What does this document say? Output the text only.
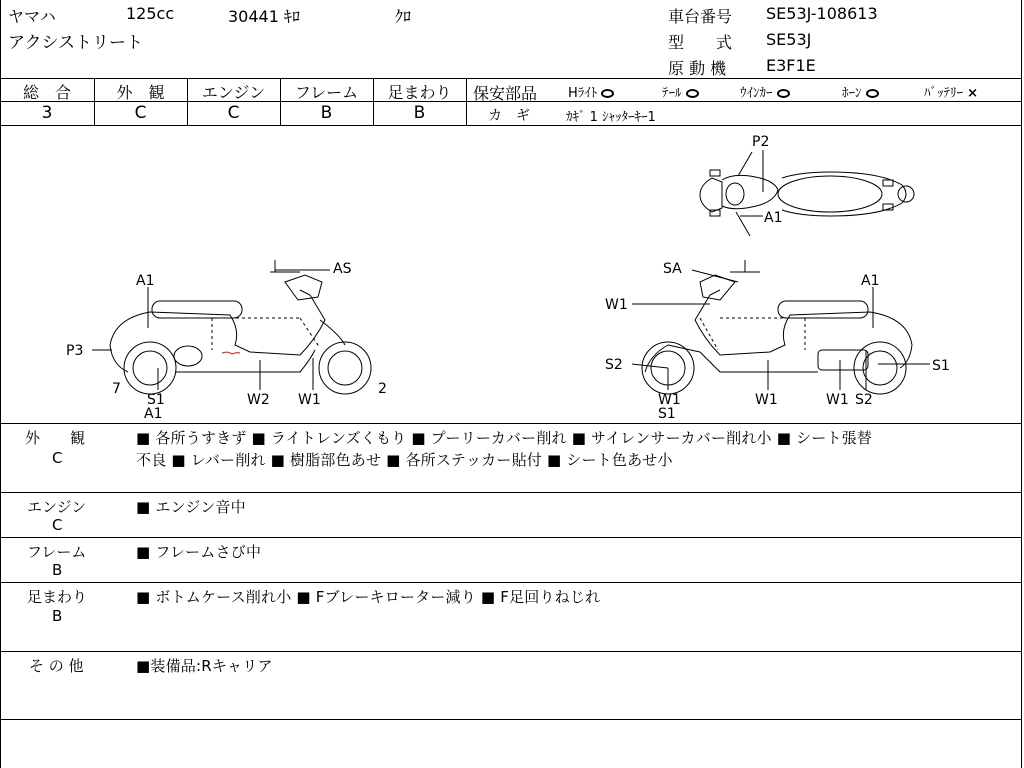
ヤマハ	125cc	30441 ｷﾛ	ｸﾛ
アクシストリート
車台番号 SE53J-108613
型　　式 SE53J
原 動 機 E3F1E
総　合	外　観	エンジン	フレーム	足まわり
3	C	C	B	B
保安部品 Hﾗｲﾄ	ﾃｰﾙ	ｳｲﾝｶｰ	ﾎｰﾝ	ﾊﾞｯﾃﾘｰ ×
カ　ギ	ｶｷﾞ 1 ｼｬｯﾀｰｷｰ1
P2
A1
AS
A1
P3
7
S1
A1
W2 W1
2
SA
A1
W1
S2	S1
W1
S1
W1	W1 S2
外　　観
C
■ 各所うすきず ■ ライトレンズくもり ■ プーリーカバー削れ ■ サイレンサーカバー削れ小 ■ シート張替
不良 ■ レバー削れ ■ 樹脂部色あせ ■ 各所ステッカー貼付 ■ シート色あせ小
エンジン
C
■ エンジン音中
フレーム
B
■ フレームさび中
足まわり
B
■ ボトムケース削れ小 ■ Fブレーキローター減り ■ F足回りねじれ
そ の 他	■装備品:Rキャリア
